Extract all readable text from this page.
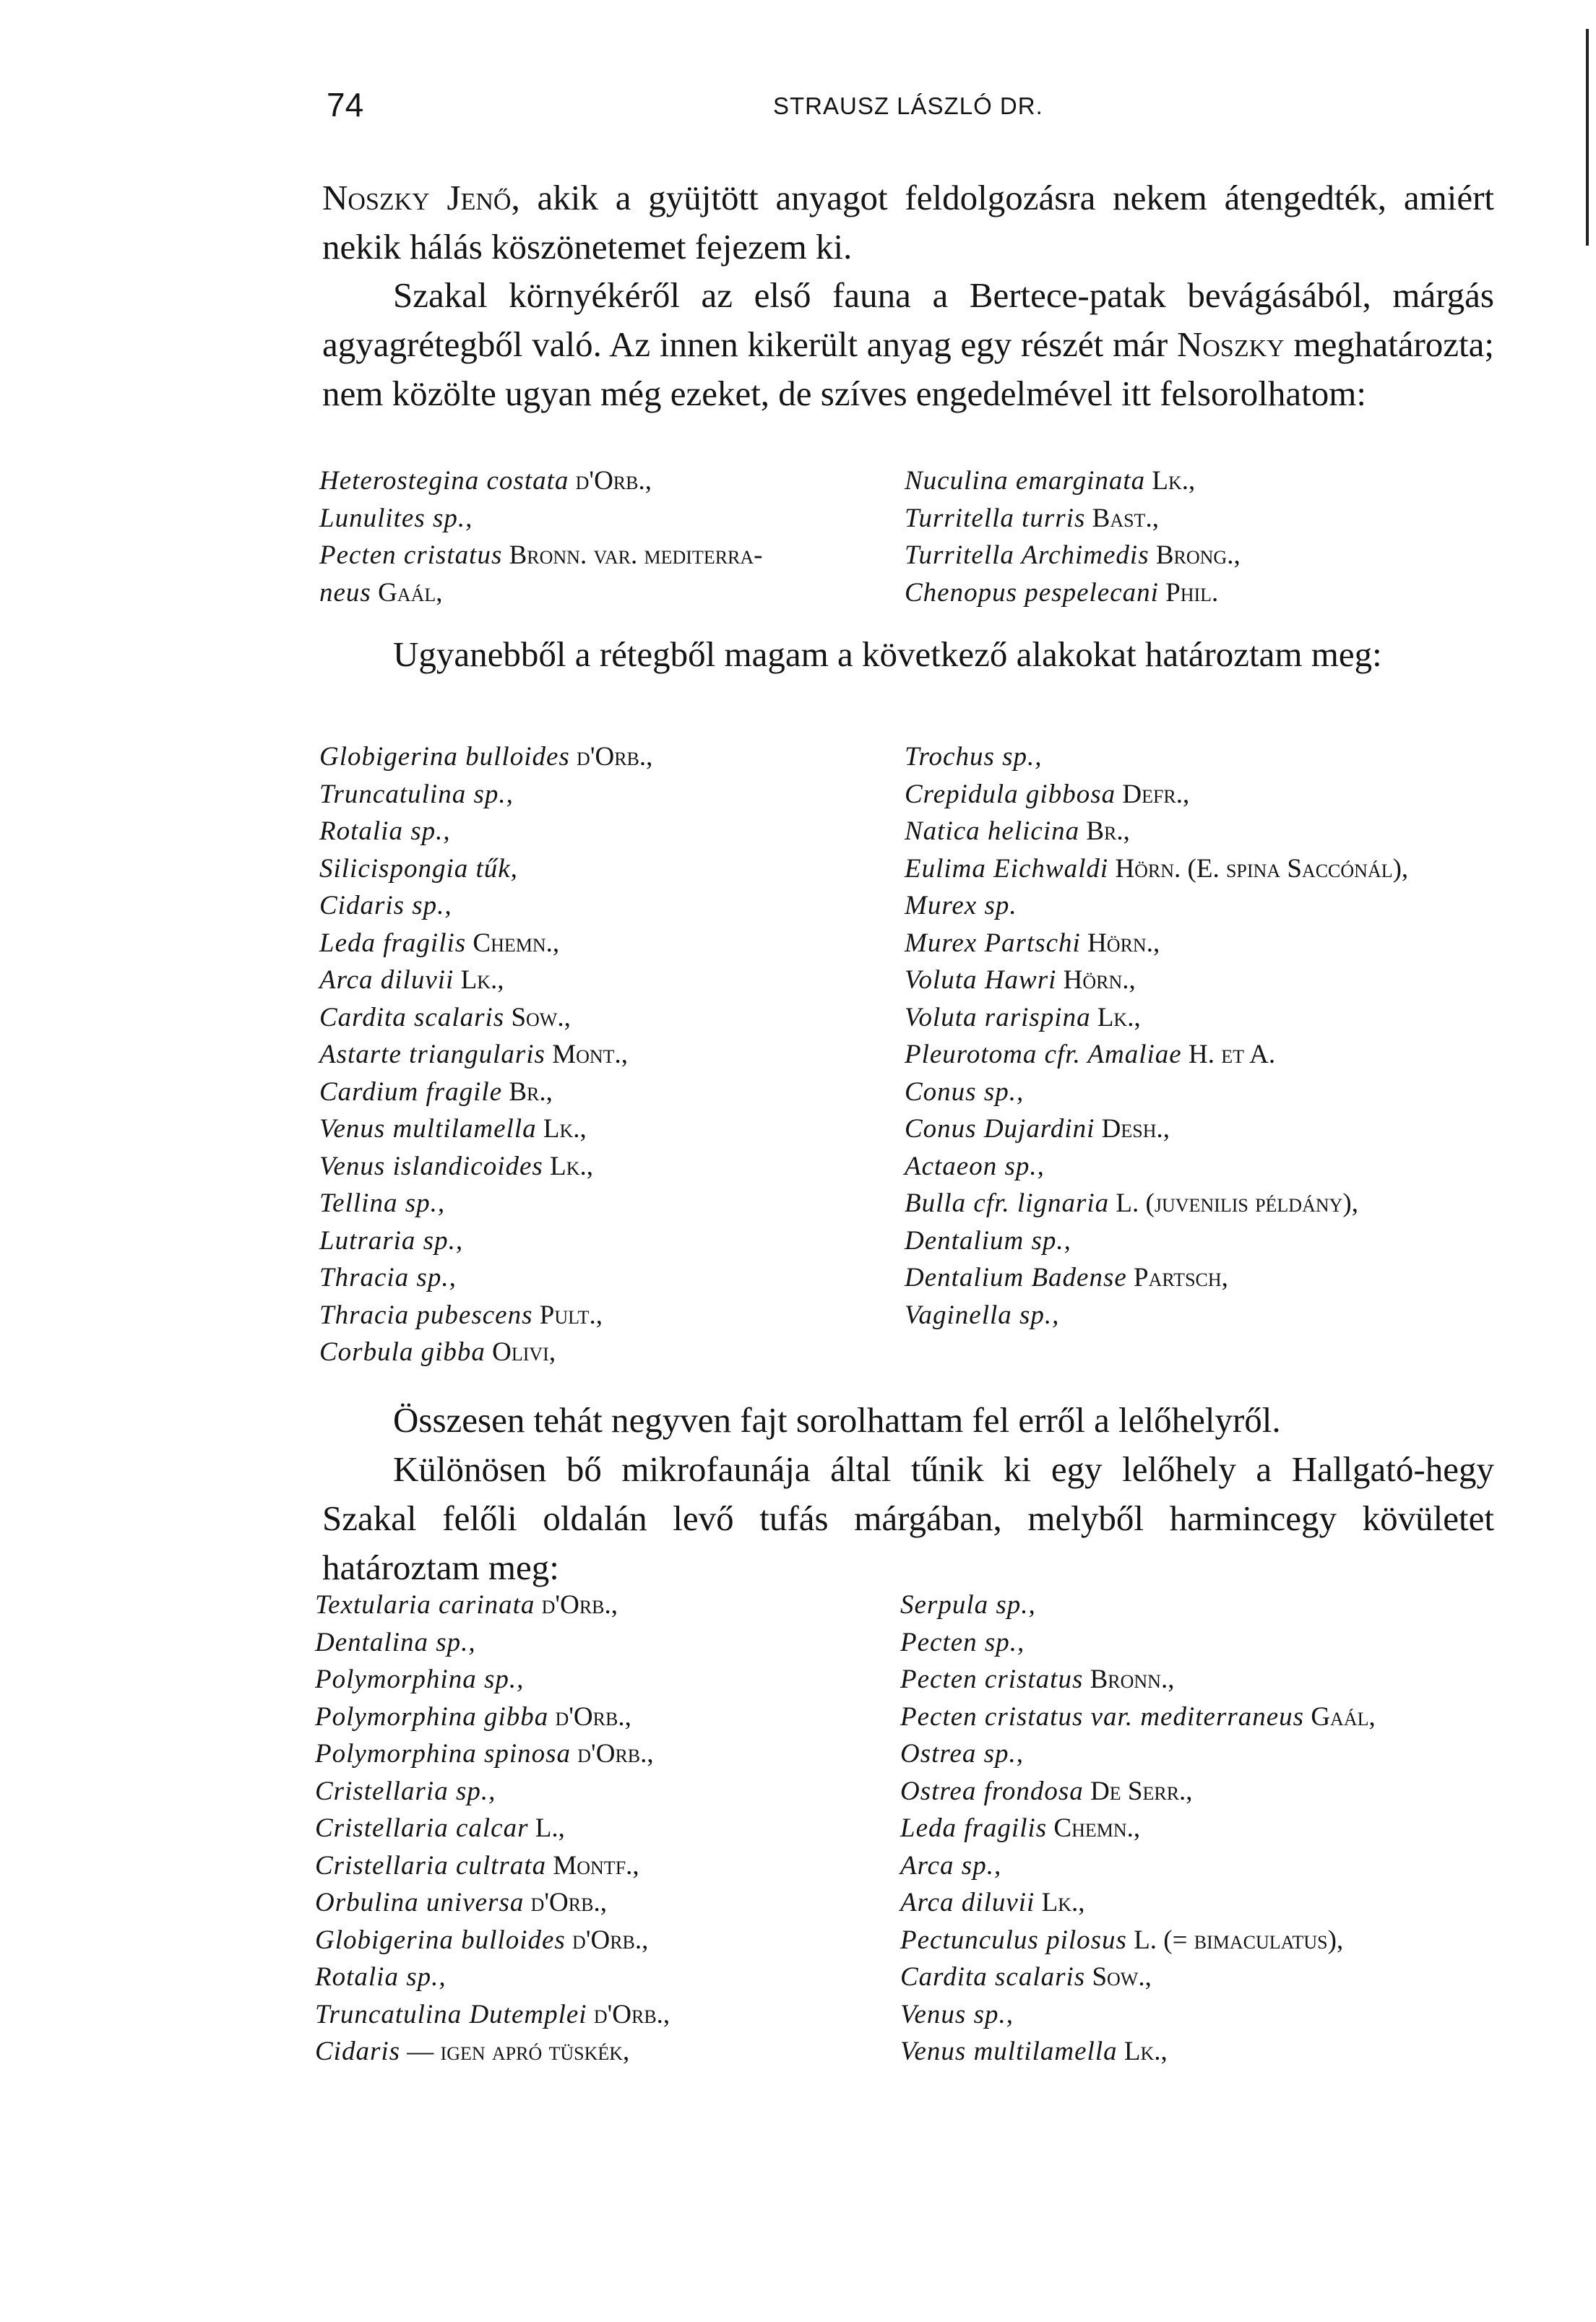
74	STRAUSZ LÁSZLÓ DR.

Noszky Jenő, akik a gyüjtött anyagot feldolgozásra nekem átengedték, amiért nekik hálás köszönetemet fejezem ki.

Szakal környékéről az első fauna a Bertece-patak bevágásából, márgás agyagrétegből való. Az innen kikerült anyag egy részét már Noszky meghatározta; nem közölte ugyan még ezeket, de szíves engedelmével itt felsorolhatom:

Heterostegina costata d'Orb.,
Lunulites sp.,
Pecten cristatus Bronn. var. mediterra-
neus Gaál,
Nuculina emarginata Lk.,
Turritella turris Bast.,
Turritella Archimedis Brong.,
Chenopus pespelecani Phil.

Ugyanebből a rétegből magam a következő alakokat határoztam meg:

Globigerina bulloides d'Orb.,
Truncatulina sp.,
Rotalia sp.,
Silicispongia tűk,
Cidaris sp.,
Leda fragilis Chemn.,
Arca diluvii Lk.,
Cardita scalaris Sow.,
Astarte triangularis Mont.,
Cardium fragile Br.,
Venus multilamella Lk.,
Venus islandicoides Lk.,
Tellina sp.,
Lutraria sp.,
Thracia sp.,
Thracia pubescens Pult.,
Corbula gibba Olivi,
Trochus sp.,
Crepidula gibbosa Defr.,
Natica helicina Br.,
Eulima Eichwaldi Hörn. (E. spina Saccónál),
Murex sp.
Murex Partschi Hörn.,
Voluta Hawri Hörn.,
Voluta rarispina Lk.,
Pleurotoma cfr. Amaliae H. et A.
Conus sp.,
Conus Dujardini Desh.,
Actaeon sp.,
Bulla cfr. lignaria L. (juvenilis példány),
Dentalium sp.,
Dentalium Badense Partsch,
Vaginella sp.,

Összesen tehát negyven fajt sorolhattam fel erről a lelőhelyről.
Különösen bő mikrofaunája által tűnik ki egy lelőhely a Hallgató-hegy Szakal felőli oldalán levő tufás márgában, melyből harmincegy kövületet határoztam meg:

Textularia carinata d'Orb.,
Dentalina sp.,
Polymorphina sp.,
Polymorphina gibba d'Orb.,
Polymorphina spinosa d'Orb.,
Cristellaria sp.,
Cristellaria calcar L.,
Cristellaria cultrata Montf.,
Orbulina universa d'Orb.,
Globigerina bulloides d'Orb.,
Rotalia sp.,
Truncatulina Dutemplei d'Orb.,
Cidaris — igen apró tüskék,
Serpula sp.,
Pecten sp.,
Pecten cristatus Bronn.,
Pecten cristatus var. mediterraneus Gaál,
Ostrea sp.,
Ostrea frondosa De Serr.,
Leda fragilis Chemn.,
Arca sp.,
Arca diluvii Lk.,
Pectunculus pilosus L. (= bimaculatus),
Cardita scalaris Sow.,
Venus sp.,
Venus multilamella Lk.,
